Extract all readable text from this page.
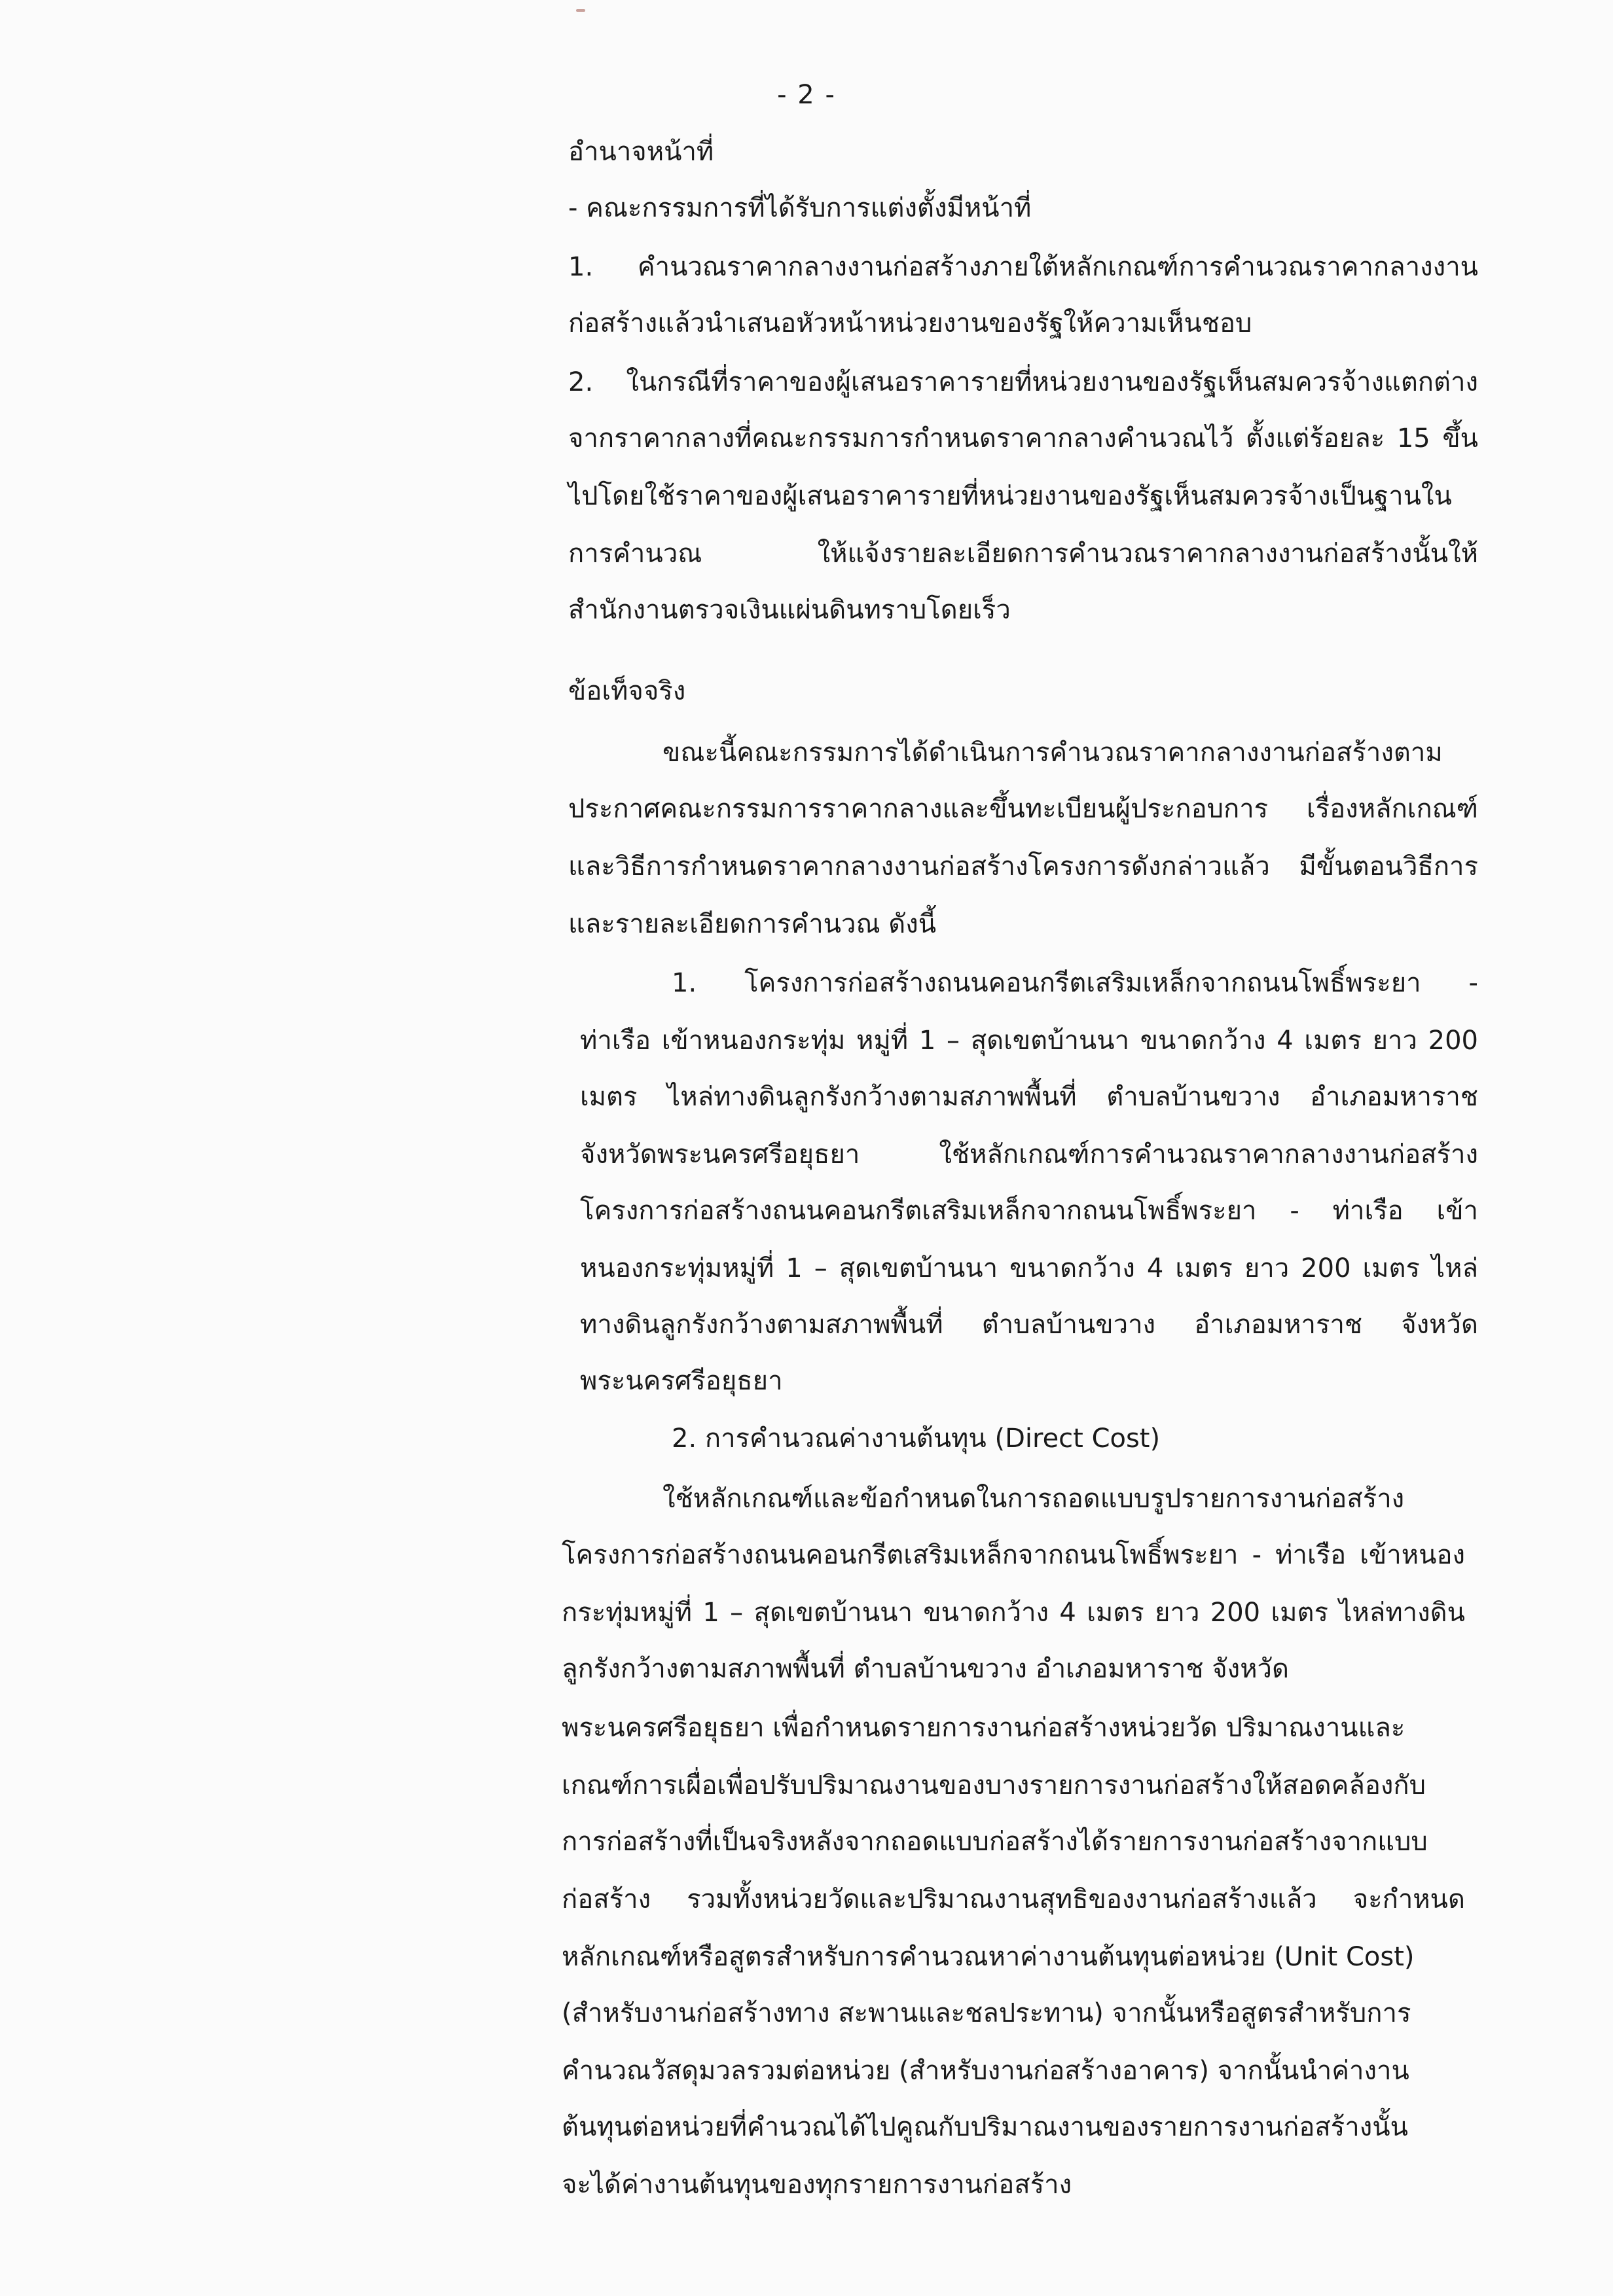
- 2 -
อำนาจหน้าที่
- คณะกรรมการที่ได้รับการแต่งตั้งมีหน้าที่
1. คำนวณราคากลางงานก่อสร้างภายใต้หลักเกณฑ์การคำนวณราคากลางงาน
ก่อสร้างแล้วนำเสนอหัวหน้าหน่วยงานของรัฐให้ความเห็นชอบ
2. ในกรณีที่ราคาของผู้เสนอราคารายที่หน่วยงานของรัฐเห็นสมควรจ้างแตกต่าง
จากราคากลางที่คณะกรรมการกำหนดราคากลางคำนวณไว้ ตั้งแต่ร้อยละ 15 ขึ้น
ไปโดยใช้ราคาของผู้เสนอราคารายที่หน่วยงานของรัฐเห็นสมควรจ้างเป็นฐานใน
การคำนวณ ให้แจ้งรายละเอียดการคำนวณราคากลางงานก่อสร้างนั้นให้
สำนักงานตรวจเงินแผ่นดินทราบโดยเร็ว
ข้อเท็จจริง
ขณะนี้คณะกรรมการได้ดำเนินการคำนวณราคากลางงานก่อสร้างตาม
ประกาศคณะกรรมการราคากลางและขึ้นทะเบียนผู้ประกอบการ เรื่องหลักเกณฑ์
และวิธีการกำหนดราคากลางงานก่อสร้างโครงการดังกล่าวแล้ว มีขั้นตอนวิธีการ
และรายละเอียดการคำนวณ ดังนี้
1. โครงการก่อสร้างถนนคอนกรีตเสริมเหล็กจากถนนโพธิ์พระยา -
ท่าเรือ เข้าหนองกระทุ่ม หมู่ที่ 1 – สุดเขตบ้านนา ขนาดกว้าง 4 เมตร ยาว 200
เมตร ไหล่ทางดินลูกรังกว้างตามสภาพพื้นที่ ตำบลบ้านขวาง อำเภอมหาราช
จังหวัดพระนครศรีอยุธยา ใช้หลักเกณฑ์การคำนวณราคากลางงานก่อสร้าง
โครงการก่อสร้างถนนคอนกรีตเสริมเหล็กจากถนนโพธิ์พระยา - ท่าเรือ เข้า
หนองกระทุ่มหมู่ที่ 1 – สุดเขตบ้านนา ขนาดกว้าง 4 เมตร ยาว 200 เมตร ไหล่
ทางดินลูกรังกว้างตามสภาพพื้นที่ ตำบลบ้านขวาง อำเภอมหาราช จังหวัด
พระนครศรีอยุธยา
2. การคำนวณค่างานต้นทุน (Direct Cost)
ใช้หลักเกณฑ์และข้อกำหนดในการถอดแบบรูปรายการงานก่อสร้าง
โครงการก่อสร้างถนนคอนกรีตเสริมเหล็กจากถนนโพธิ์พระยา - ท่าเรือ เข้าหนอง
กระทุ่มหมู่ที่ 1 – สุดเขตบ้านนา ขนาดกว้าง 4 เมตร ยาว 200 เมตร ไหล่ทางดิน
ลูกรังกว้างตามสภาพพื้นที่ ตำบลบ้านขวาง อำเภอมหาราช จังหวัด
พระนครศรีอยุธยา เพื่อกำหนดรายการงานก่อสร้างหน่วยวัด ปริมาณงานและ
เกณฑ์การเผื่อเพื่อปรับปริมาณงานของบางรายการงานก่อสร้างให้สอดคล้องกับ
การก่อสร้างที่เป็นจริงหลังจากถอดแบบก่อสร้างได้รายการงานก่อสร้างจากแบบ
ก่อสร้าง รวมทั้งหน่วยวัดและปริมาณงานสุทธิของงานก่อสร้างแล้ว จะกำหนด
หลักเกณฑ์หรือสูตรสำหรับการคำนวณหาค่างานต้นทุนต่อหน่วย (Unit Cost)
(สำหรับงานก่อสร้างทาง สะพานและชลประทาน) จากนั้นหรือสูตรสำหรับการ
คำนวณวัสดุมวลรวมต่อหน่วย (สำหรับงานก่อสร้างอาคาร) จากนั้นนำค่างาน
ต้นทุนต่อหน่วยที่คำนวณได้ไปคูณกับปริมาณงานของรายการงานก่อสร้างนั้น
จะได้ค่างานต้นทุนของทุกรายการงานก่อสร้าง
